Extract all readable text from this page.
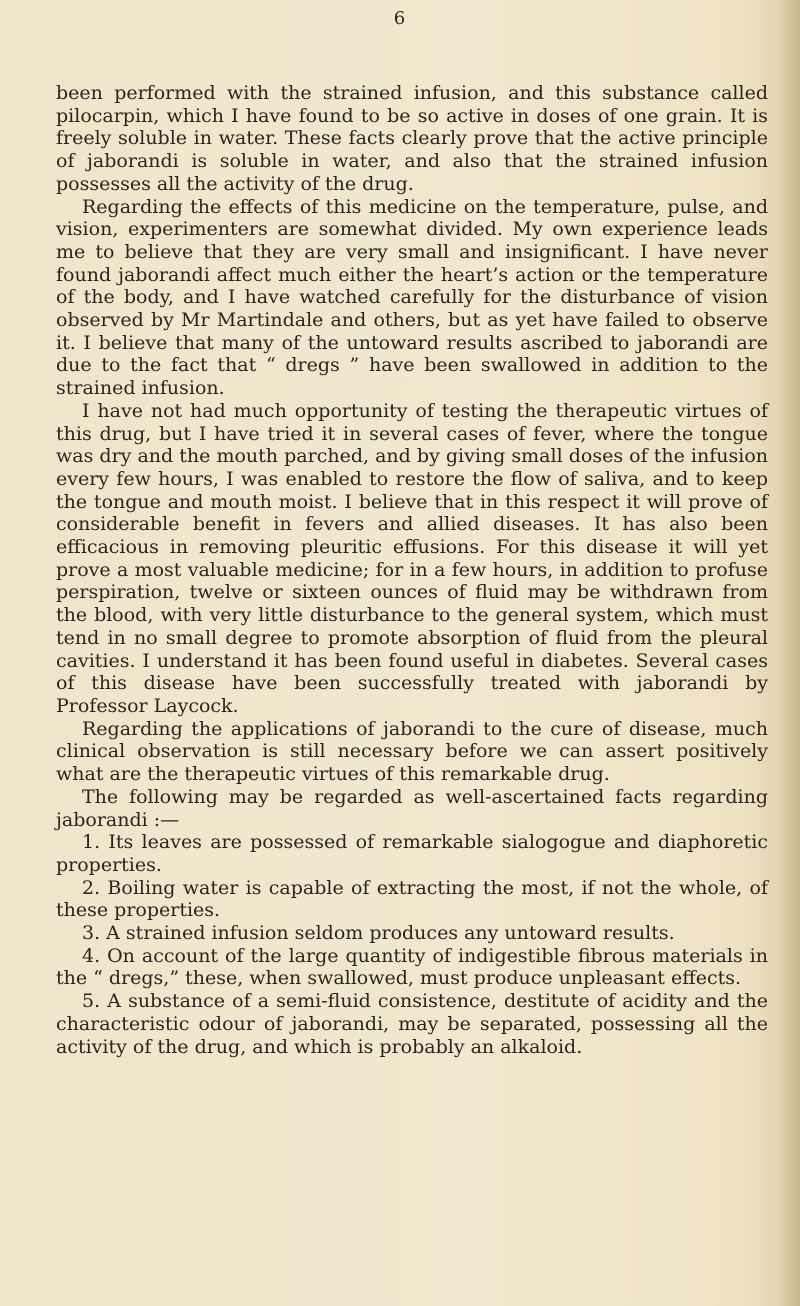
6

been performed with the strained infusion, and this substance called pilocarpin, which I have found to be so active in doses of one grain. It is freely soluble in water. These facts clearly prove that the active principle of jaborandi is soluble in water, and also that the strained infusion possesses all the activity of the drug.

Regarding the effects of this medicine on the temperature, pulse, and vision, experimenters are somewhat divided. My own experience leads me to believe that they are very small and insignificant. I have never found jaborandi affect much either the heart’s action or the temperature of the body, and I have watched carefully for the disturbance of vision observed by Mr Martindale and others, but as yet have failed to observe it. I believe that many of the untoward results ascribed to jaborandi are due to the fact that “ dregs ” have been swallowed in addition to the strained infusion.

I have not had much opportunity of testing the therapeutic virtues of this drug, but I have tried it in several cases of fever, where the tongue was dry and the mouth parched, and by giving small doses of the infusion every few hours, I was enabled to restore the flow of saliva, and to keep the tongue and mouth moist. I believe that in this respect it will prove of considerable benefit in fevers and allied diseases. It has also been efficacious in removing pleuritic effusions. For this disease it will yet prove a most valuable medicine; for in a few hours, in addition to profuse perspiration, twelve or sixteen ounces of fluid may be withdrawn from the blood, with very little disturbance to the general system, which must tend in no small degree to promote absorption of fluid from the pleural cavities. I understand it has been found useful in diabetes. Several cases of this disease have been successfully treated with jaborandi by Professor Laycock.

Regarding the applications of jaborandi to the cure of disease, much clinical observation is still necessary before we can assert positively what are the therapeutic virtues of this remarkable drug.

The following may be regarded as well-ascertained facts regarding jaborandi :—

1. Its leaves are possessed of remarkable sialogogue and diaphoretic properties.

2. Boiling water is capable of extracting the most, if not the whole, of these properties.

3. A strained infusion seldom produces any untoward results.

4. On account of the large quantity of indigestible fibrous materials in the “ dregs,” these, when swallowed, must produce unpleasant effects.

5. A substance of a semi-fluid consistence, destitute of acidity and the characteristic odour of jaborandi, may be separated, possessing all the activity of the drug, and which is probably an alkaloid.
